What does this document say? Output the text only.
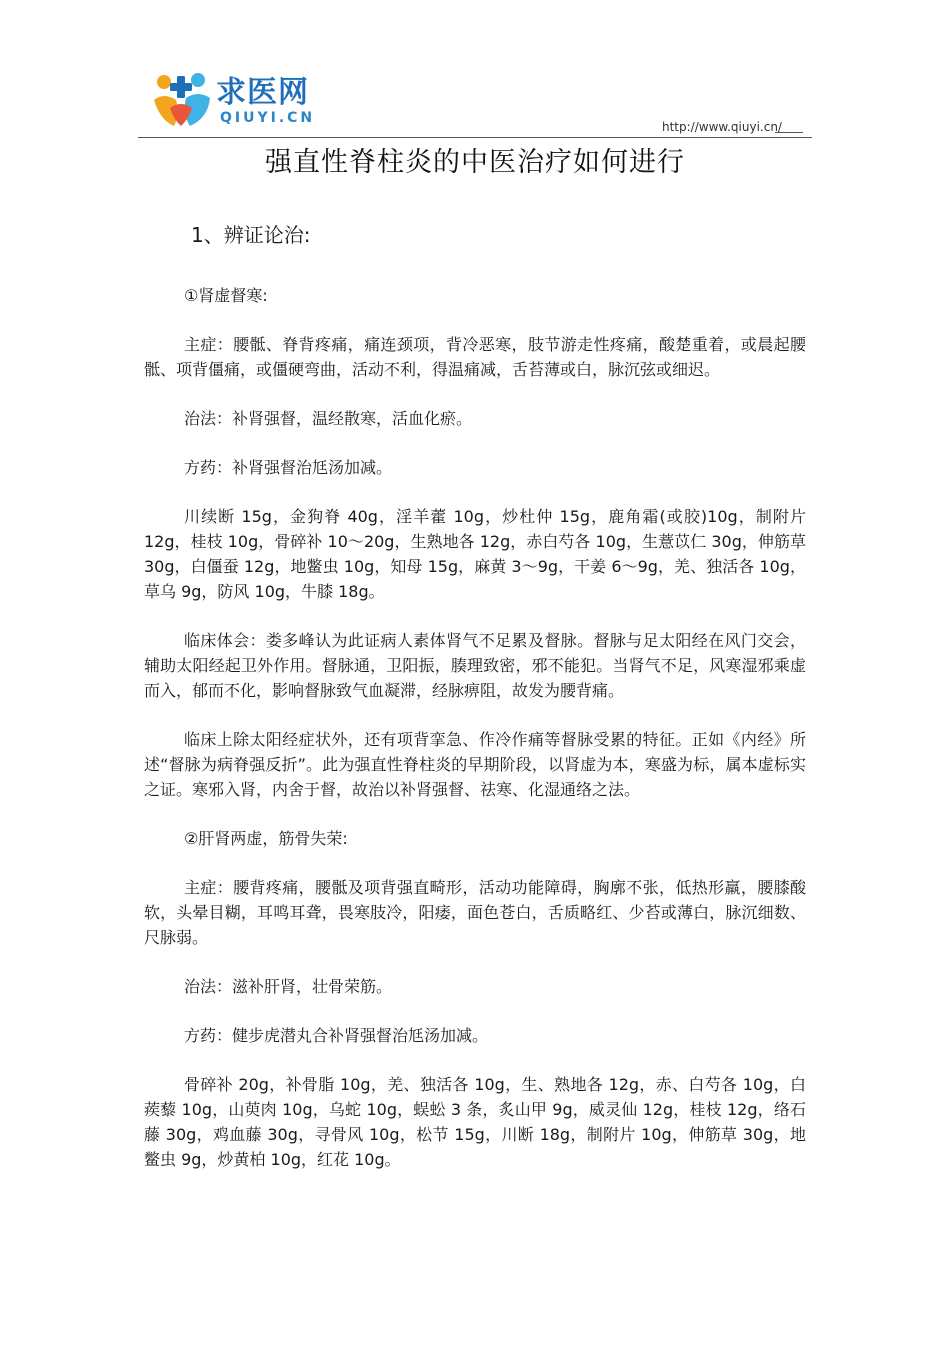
求医网
QIUYI.CN
http://www.qiuyi.cn/
强直性脊柱炎的中医治疗如何进行
1、辨证论治:

①肾虚督寒:

主症：腰骶、脊背疼痛，痛连颈项，背冷恶寒，肢节游走性疼痛，酸楚重着，或晨起腰骶、项背僵痛，或僵硬弯曲，活动不利，得温痛减，舌苔薄或白，脉沉弦或细迟。

治法：补肾强督，温经散寒，活血化瘀。

方药：补肾强督治尪汤加减。

川续断 15g，金狗脊 40g，淫羊藿 10g，炒杜仲 15g，鹿角霜(或胶)10g，制附片 12g，桂枝 10g，骨碎补 10～20g，生熟地各 12g，赤白芍各 10g，生薏苡仁 30g，伸筋草 30g，白僵蚕 12g，地鳖虫 10g，知母 15g，麻黄 3～9g，干姜 6～9g，羌、独活各 10g，草乌 9g，防风 10g，牛膝 18g。

临床体会：娄多峰认为此证病人素体肾气不足累及督脉。督脉与足太阳经在风门交会，辅助太阳经起卫外作用。督脉通，卫阳振，腠理致密，邪不能犯。当肾气不足，风寒湿邪乘虚而入，郁而不化，影响督脉致气血凝滞，经脉痹阻，故发为腰背痛。

临床上除太阳经症状外，还有项背挛急、作冷作痛等督脉受累的特征。正如《内经》所述“督脉为病脊强反折”。此为强直性脊柱炎的早期阶段，以肾虚为本，寒盛为标，属本虚标实之证。寒邪入肾，内舍于督，故治以补肾强督、祛寒、化湿通络之法。

②肝肾两虚，筋骨失荣:

主症：腰背疼痛，腰骶及项背强直畸形，活动功能障碍，胸廓不张，低热形羸，腰膝酸软，头晕目糊，耳鸣耳聋，畏寒肢冷，阳痿，面色苍白，舌质略红、少苔或薄白，脉沉细数、尺脉弱。

治法：滋补肝肾，壮骨荣筋。

方药：健步虎潜丸合补肾强督治尪汤加减。

骨碎补 20g，补骨脂 10g，羌、独活各 10g，生、熟地各 12g，赤、白芍各 10g，白蒺藜 10g，山萸肉 10g，乌蛇 10g，蜈蚣 3 条，炙山甲 9g，威灵仙 12g，桂枝 12g，络石藤 30g，鸡血藤 30g，寻骨风 10g，松节 15g，川断 18g，制附片 10g，伸筋草 30g，地鳖虫 9g，炒黄柏 10g，红花 10g。
